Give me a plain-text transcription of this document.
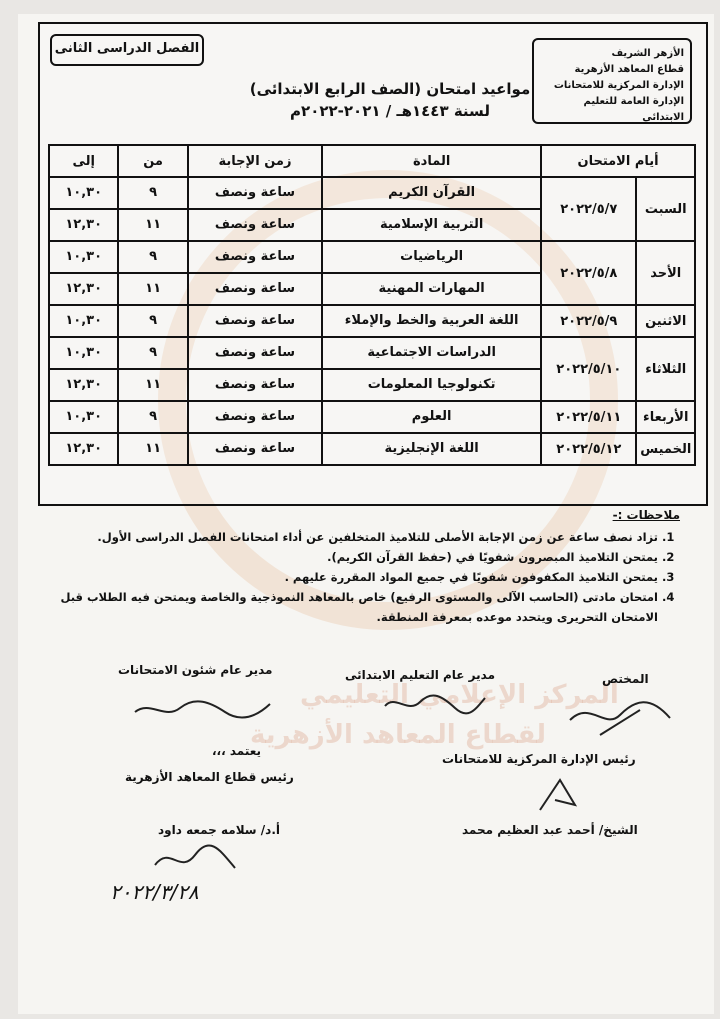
المركز الإعلامي التعليمي
لقطاع المعاهد الأزهرية
الأزهر الشريف
قطاع المعاهد الأزهرية
الإدارة المركزية للامتحانات
الإدارة العامة للتعليم الابتدائي
الفصل الدراسى الثانى
مواعيد امتحان (الصف الرابع الابتدائى)
لسنة ١٤٤٣هـ / ٢٠٢١-٢٠٢٢م
أيام الامتحان		المادة	زمن الإجابة	من	إلى
السبت	٢٠٢٢/٥/٧	القرآن الكريم	ساعة ونصف	٩	١٠,٣٠
		التربية الإسلامية	ساعة ونصف	١١	١٢,٣٠
الأحد	٢٠٢٢/٥/٨	الرياضيات	ساعة ونصف	٩	١٠,٣٠
		المهارات المهنية	ساعة ونصف	١١	١٢,٣٠
الاثنين	٢٠٢٢/٥/٩	اللغة العربية والخط والإملاء	ساعة ونصف	٩	١٠,٣٠
الثلاثاء	٢٠٢٢/٥/١٠	الدراسات الاجتماعية	ساعة ونصف	٩	١٠,٣٠
		تكنولوجيا المعلومات	ساعة ونصف	١١	١٢,٣٠
الأربعاء	٢٠٢٢/٥/١١	العلوم	ساعة ونصف	٩	١٠,٣٠
الخميس	٢٠٢٢/٥/١٢	اللغة الإنجليزية	ساعة ونصف	١١	١٢,٣٠
ملاحظات :-
1. تزاد نصف ساعة عن زمن الإجابة الأصلى للتلاميذ المتخلفين عن أداء امتحانات الفصل الدراسى الأول.
2. يمتحن التلاميذ المبصرون شفويًا في (حفظ القرآن الكريم).
3. يمتحن التلاميذ المكفوفون شفويًا في جميع المواد المقررة عليهم .
4. امتحان مادتى (الحاسب الآلى والمستوى الرفيع) خاص بالمعاهد النموذجية والخاصة ويمتحن فيه الطلاب قبل الامتحان التحريرى ويتحدد موعده بمعرفة المنطقة.
مدير عام شئون الامتحانات	مدير عام التعليم الابتدائى	المختص
رئيس الإدارة المركزية للامتحانات
يعتمد ،،،
رئيس قطاع المعاهد الأزهرية
أ.د/ سلامه جمعه داود	الشيخ/ أحمد عبد العظيم محمد
٢٠٢٢/٣/٢٨
